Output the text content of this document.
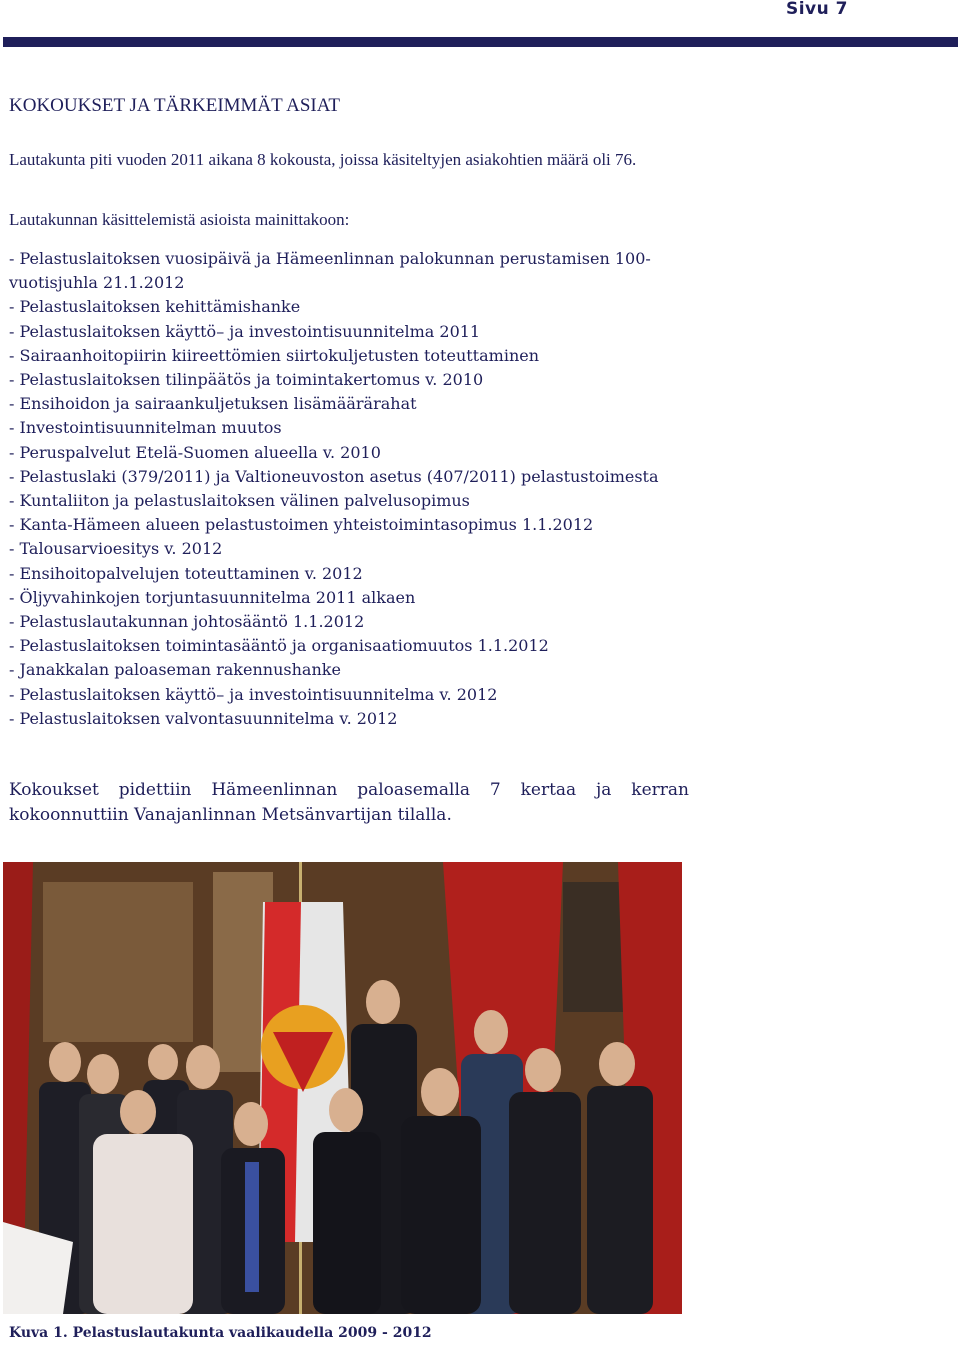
Sivu 7
KOKOUKSET JA TÄRKEIMMÄT ASIAT
Lautakunta piti vuoden 2011 aikana 8 kokousta, joissa käsiteltyjen asiakohtien määrä oli 76.
Lautakunnan käsittelemistä asioista mainittakoon:
- Pelastuslaitoksen vuosipäivä ja Hämeenlinnan palokunnan perustamisen 100-
vuotisjuhla 21.1.2012
- Pelastuslaitoksen kehittämishanke
- Pelastuslaitoksen käyttö– ja investointisuunnitelma 2011
- Sairaanhoitopiirin kiireettömien siirtokuljetusten toteuttaminen
- Pelastuslaitoksen tilinpäätös ja toimintakertomus v. 2010
- Ensihoidon ja sairaankuljetuksen lisämäärärahat
- Investointisuunnitelman muutos
- Peruspalvelut Etelä-Suomen alueella v. 2010
- Pelastuslaki (379/2011) ja Valtioneuvoston asetus (407/2011) pelastustoimesta
- Kuntaliiton ja pelastuslaitoksen välinen palvelusopimus
- Kanta-Hämeen alueen pelastustoimen yhteistoimintasopimus 1.1.2012
- Talousarvioesitys v. 2012
- Ensihoitopalvelujen toteuttaminen v. 2012
- Öljyvahinkojen torjuntasuunnitelma 2011 alkaen
- Pelastuslautakunnan johtosääntö 1.1.2012
- Pelastuslaitoksen toimintasääntö ja organisaatiomuutos 1.1.2012
- Janakkalan paloaseman rakennushanke
- Pelastuslaitoksen käyttö– ja investointisuunnitelma v. 2012
- Pelastuslaitoksen valvontasuunnitelma v. 2012
Kokoukset pidettiin Hämeenlinnan paloasemalla 7 kertaa ja kerran kokoonnuttiin Vanajanlinnan Metsänvartijan tilalla.
Kuva 1. Pelastuslautakunta vaalikaudella 2009 - 2012
